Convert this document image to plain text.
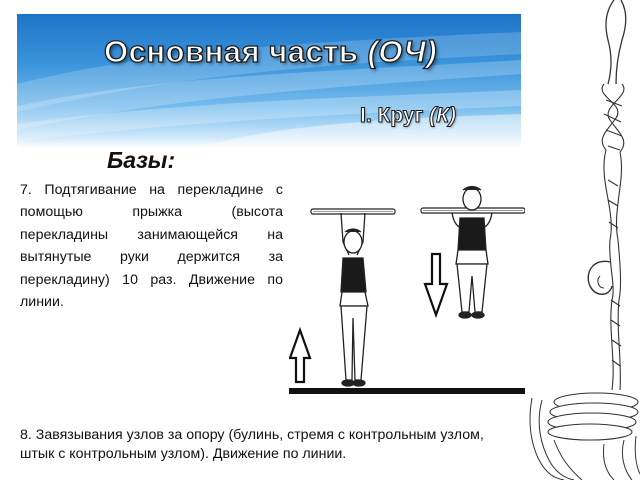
Основная часть (ОЧ)
I. Круг (К)
Базы:
7. Подтягивание на перекладине с помощью прыжка (высота перекладины занимающейся на вытянутые руки держится за перекладину) 10 раз. Движение по линии.
8. Завязывания узлов за опору (булинь, стремя с контрольным узлом, штык с контрольным узлом). Движение по линии.
